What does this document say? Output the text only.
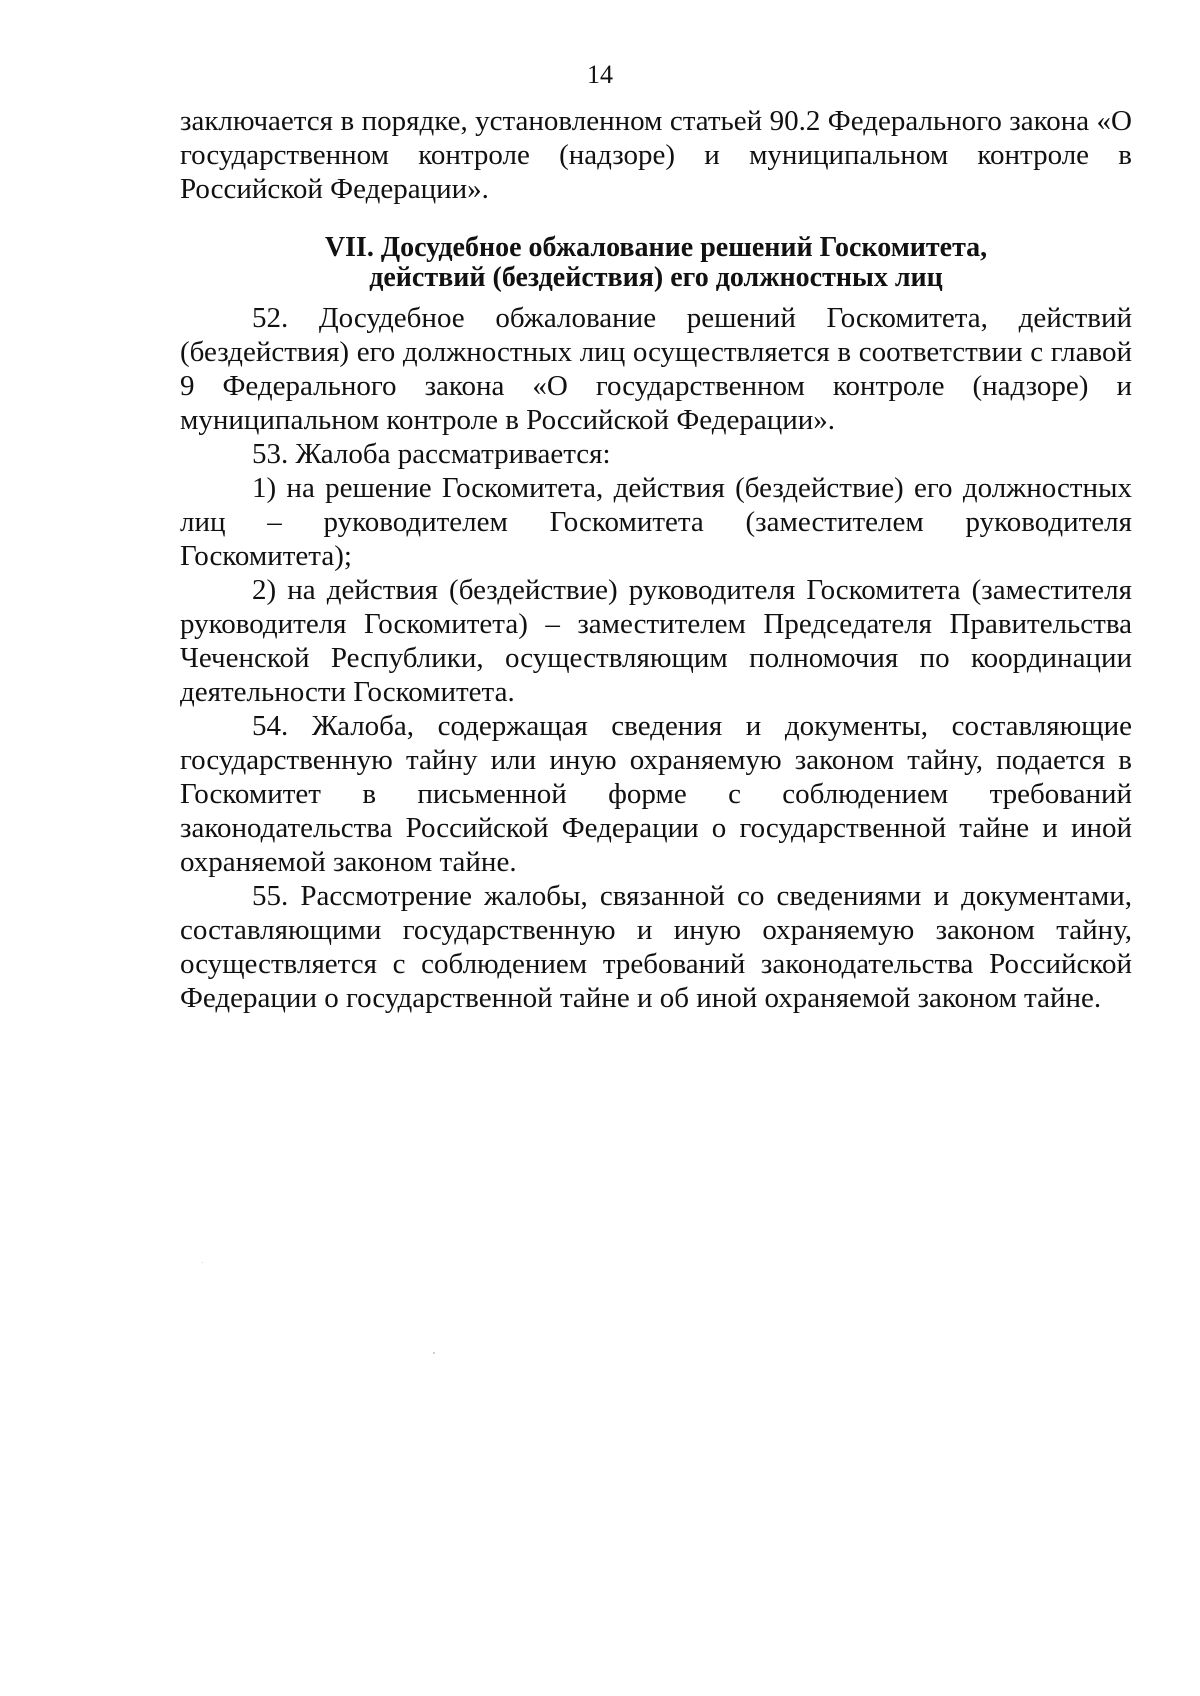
14

заключается в порядке, установленном статьей 90.2 Федерального закона «О государственном контроле (надзоре) и муниципальном контроле в Российской Федерации».

VII. Досудебное обжалование решений Госкомитета,
действий (бездействия) его должностных лиц

52. Досудебное обжалование решений Госкомитета, действий (бездействия) его должностных лиц осуществляется в соответствии с главой 9 Федерального закона «О государственном контроле (надзоре) и муниципальном контроле в Российской Федерации».

53. Жалоба рассматривается:

1) на решение Госкомитета, действия (бездействие) его должностных лиц – руководителем Госкомитета (заместителем руководителя Госкомитета);

2) на действия (бездействие) руководителя Госкомитета (заместителя руководителя Госкомитета) – заместителем Председателя Правительства Чеченской Республики, осуществляющим полномочия по координации деятельности Госкомитета.

54. Жалоба, содержащая сведения и документы, составляющие государственную тайну или иную охраняемую законом тайну, подается в Госкомитет в письменной форме с соблюдением требований законодательства Российской Федерации о государственной тайне и иной охраняемой законом тайне.

55. Рассмотрение жалобы, связанной со сведениями и документами, составляющими государственную и иную охраняемую законом тайну, осуществляется с соблюдением требований законодательства Российской Федерации о государственной тайне и об иной охраняемой законом тайне.
